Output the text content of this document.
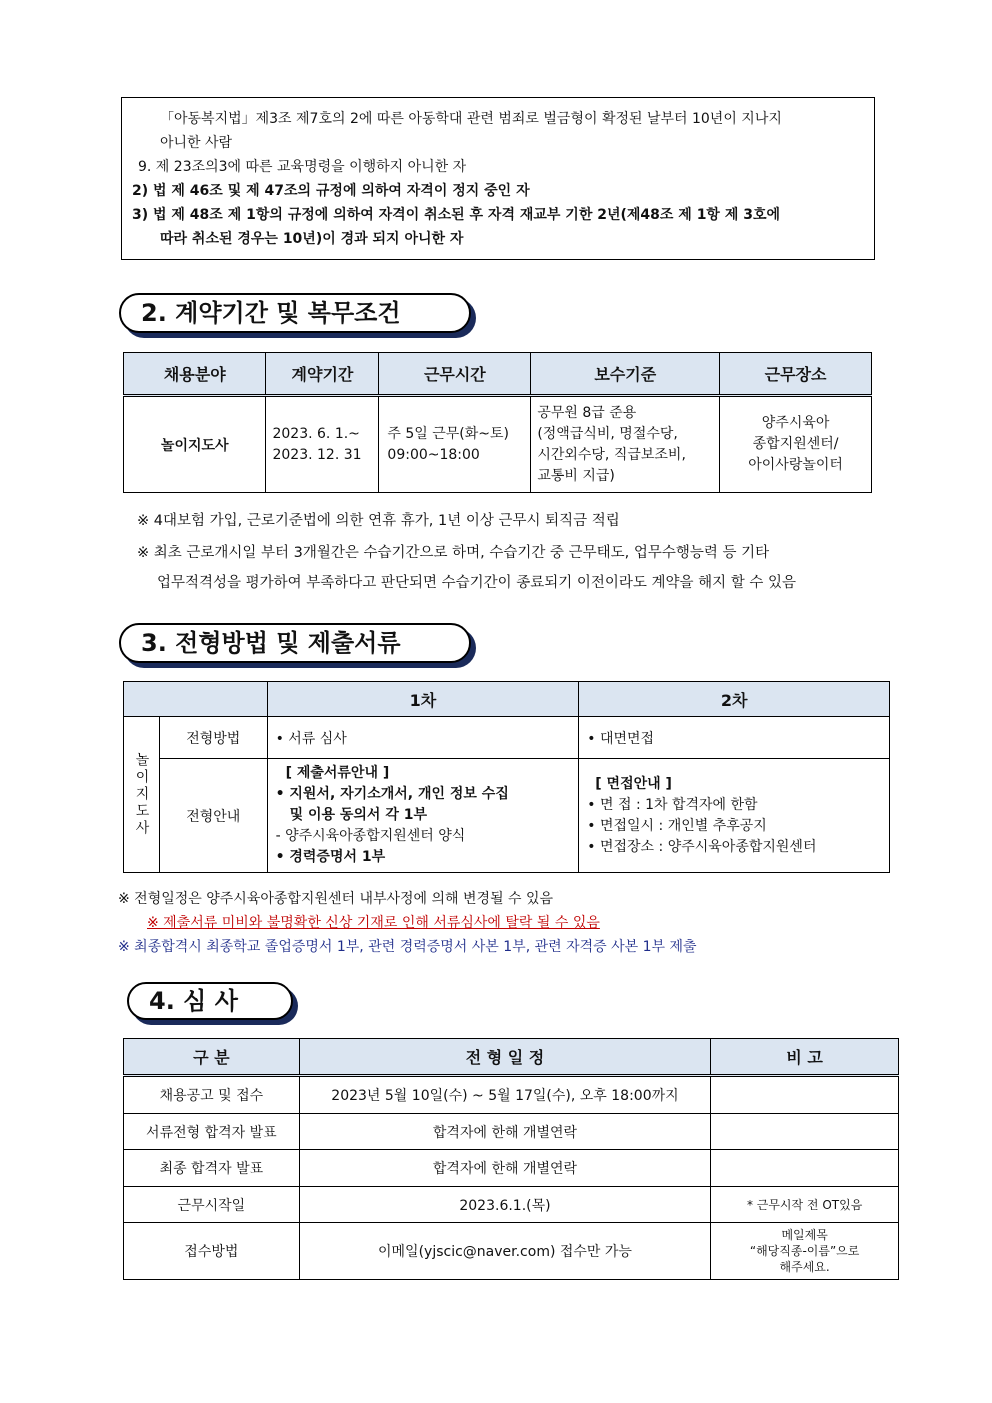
「아동복지법」제3조 제7호의 2에 따른 아동학대 관련 범죄로 벌금형이 확정된 날부터 10년이 지나지
아니한 사람
9. 제 23조의3에 따른 교육명령을 이행하지 아니한 자
2) 법 제 46조 및 제 47조의 규정에 의하여 자격이 정지 중인 자
3) 법 제 48조 제 1항의 규정에 의하여 자격이 취소된 후 자격 재교부 기한 2년(제48조 제 1항 제 3호에
따라 취소된 경우는 10년)이 경과 되지 아니한 자
2. 계약기간 및 복무조건
채용분야	계약기간	근무시간	보수기준	근무장소
놀이지도사	2023. 6. 1.~
2023. 12. 31	주 5일 근무(화~토)
09:00~18:00	공무원 8급 준용
(정액급식비, 명절수당,
시간외수당, 직급보조비,
교통비 지급)	양주시육아
종합지원센터/
아이사랑놀이터
※ 4대보험 가입, 근로기준법에 의한 연휴 휴가, 1년 이상 근무시 퇴직금 적립
※ 최초 근로개시일 부터 3개월간은 수습기간으로 하며, 수습기간 중 근무태도, 업무수행능력 등 기타
업무적격성을 평가하여 부족하다고 판단되면 수습기간이 종료되기 이전이라도 계약을 해지 할 수 있음
3. 전형방법 및 제출서류
		1차	2차
놀이지도사	전형방법	• 서류 심사	• 대면면접
	전형안내	[ 제출서류안내 ]
• 지원서, 자기소개서, 개인 정보 수집
및 이용 동의서 각 1부
- 양주시육아종합지원센터 양식
• 경력증명서 1부	[ 면접안내 ]
• 면 접 : 1차 합격자에 한함
• 면접일시 : 개인별 추후공지
• 면접장소 : 양주시육아종합지원센터
※ 전형일정은 양주시육아종합지원센터 내부사정에 의해 변경될 수 있음
※ 제출서류 미비와 불명확한 신상 기재로 인해 서류심사에 탈락 될 수 있음
※ 최종합격시 최종학교 졸업증명서 1부, 관련 경력증명서 사본 1부, 관련 자격증 사본 1부 제출
4. 심 사
구 분	전 형 일 정	비 고
채용공고 및 접수	2023년 5월 10일(수) ~ 5월 17일(수), 오후 18:00까지	
서류전형 합격자 발표	합격자에 한해 개별연락	
최종 합격자 발표	합격자에 한해 개별연락	
근무시작일	2023.6.1.(목)	* 근무시작 전 OT있음
접수방법	이메일(yjscic@naver.com) 접수만 가능	메일제목
“해당직종-이름”으로
해주세요.
